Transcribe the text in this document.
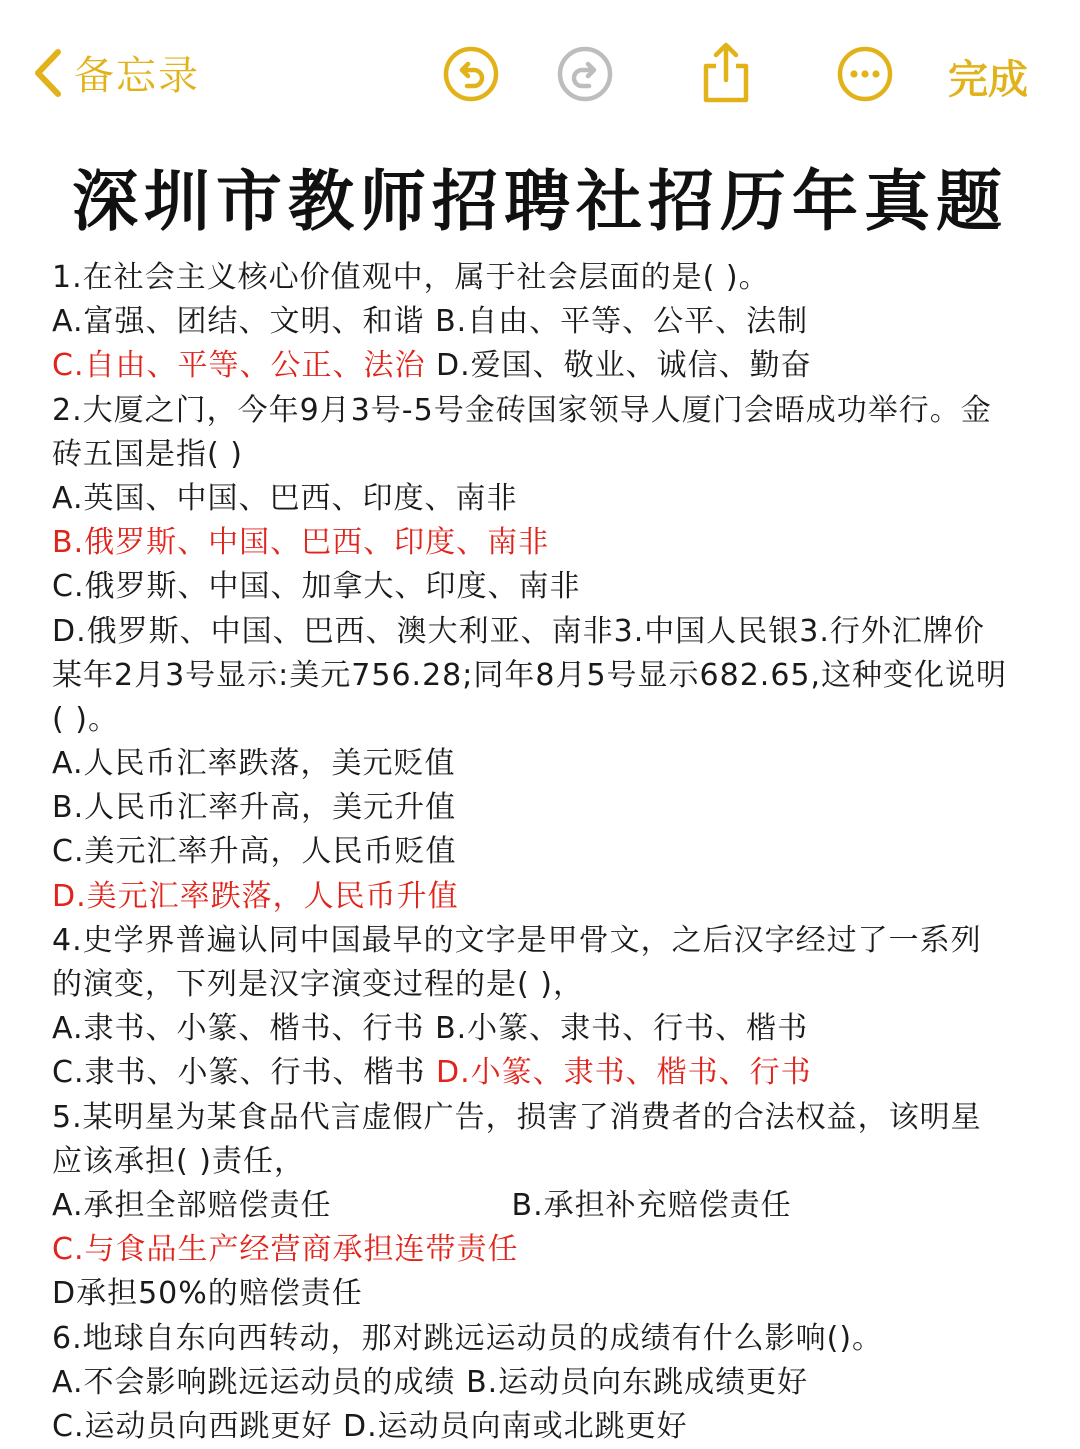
备忘录	完成
深圳市教师招聘社招历年真题
1.在社会主义核心价值观中，属于社会层面的是( )。
A.富强、团结、文明、和谐 B.自由、平等、公平、法制
C.自由、平等、公正、法治 D.爱国、敬业、诚信、勤奋
2.大厦之门，今年9月3号-5号金砖国家领导人厦门会晤成功举行。金
砖五国是指( )
A.英国、中国、巴西、印度、南非
B.俄罗斯、中国、巴西、印度、南非
C.俄罗斯、中国、加拿大、印度、南非
D.俄罗斯、中国、巴西、澳大利亚、南非3.中国人民银3.行外汇牌价
某年2月3号显示:美元756.28;同年8月5号显示682.65,这种变化说明
( )。
A.人民币汇率跌落，美元贬值
B.人民币汇率升高，美元升值
C.美元汇率升高，人民币贬值
D.美元汇率跌落，人民币升值
4.史学界普遍认同中国最早的文字是甲骨文，之后汉字经过了一系列
的演变，下列是汉字演变过程的是( )，
A.隶书、小篆、楷书、行书 B.小篆、隶书、行书、楷书
C.隶书、小篆、行书、楷书 D.小篆、隶书、楷书、行书
5.某明星为某食品代言虚假广告，损害了消费者的合法权益，该明星
应该承担( )责任，
A.承担全部赔偿责任	B.承担补充赔偿责任
C.与食品生产经营商承担连带责任
D承担50%的赔偿责任
6.地球自东向西转动，那对跳远运动员的成绩有什么影响()。
A.不会影响跳远运动员的成绩 B.运动员向东跳成绩更好
C.运动员向西跳更好 D.运动员向南或北跳更好
